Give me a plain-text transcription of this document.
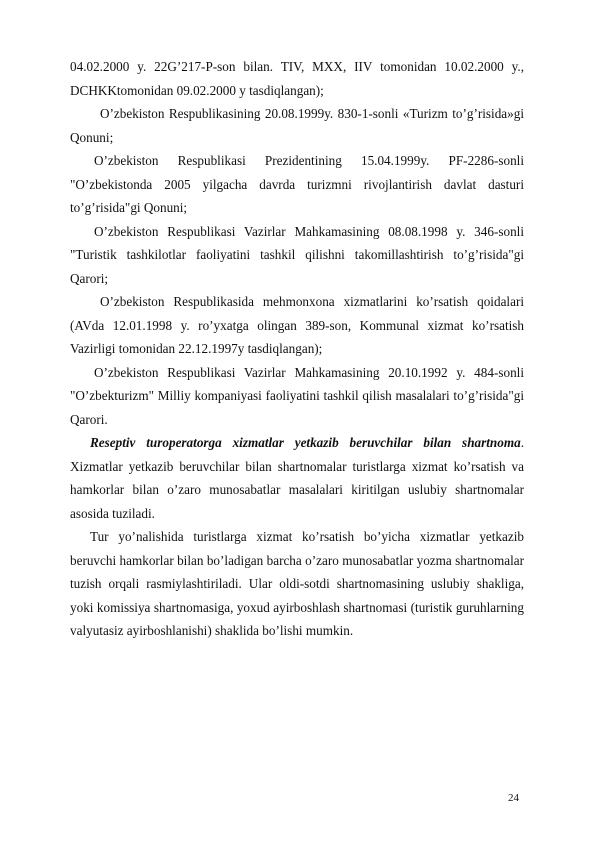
04.02.2000 y. 22G’217-P-son bilan. TIV, MXX, IIV tomonidan 10.02.2000 y., DCHKKtomonidan 09.02.2000 y tasdiqlangan);

O’zbekiston Respublikasining 20.08.1999y. 830-1-sonli «Turizm to’g’risida»gi Qonuni;

O’zbekiston Respublikasi Prezidentining 15.04.1999y. PF-2286-sonli "O’zbekistonda 2005 yilgacha davrda turizmni rivojlantirish davlat dasturi to’g’risida"gi Qonuni;

O’zbekiston Respublikasi Vazirlar Mahkamasining 08.08.1998 y. 346-sonli "Turistik tashkilotlar faoliyatini tashkil qilishni takomillashtirish to’g’risida"gi Qarori;

O’zbekiston Respublikasida mehmonxona xizmatlarini ko’rsatish qoidalari (AVda 12.01.1998 y. ro’yxatga olingan 389-son, Kommunal xizmat ko’rsatish Vazirligi tomonidan 22.12.1997y tasdiqlangan);

O’zbekiston Respublikasi Vazirlar Mahkamasining 20.10.1992 y. 484-sonli "O’zbekturizm" Milliy kompaniyasi faoliyatini tashkil qilish masalalari to’g’risida"gi Qarori.

Reseptiv turoperatorga xizmatlar yetkazib beruvchilar bilan shartnoma. Xizmatlar yetkazib beruvchilar bilan shartnomalar turistlarga xizmat ko’rsatish va hamkorlar bilan o’zaro munosabatlar masalalari kiritilgan uslubiy shartnomalar asosida tuziladi.

Tur yo’nalishida turistlarga xizmat ko’rsatish bo’yicha xizmatlar yetkazib beruvchi hamkorlar bilan bo’ladigan barcha o’zaro munosabatlar yozma shartnomalar tuzish orqali rasmiylashtiriladi. Ular oldi-sotdi shartnomasining uslubiy shakliga, yoki komissiya shartnomasiga, yoxud ayirboshlash shartnomasi (turistik guruhlarning valyutasiz ayirboshlanishi) shaklida bo’lishi mumkin.

24
